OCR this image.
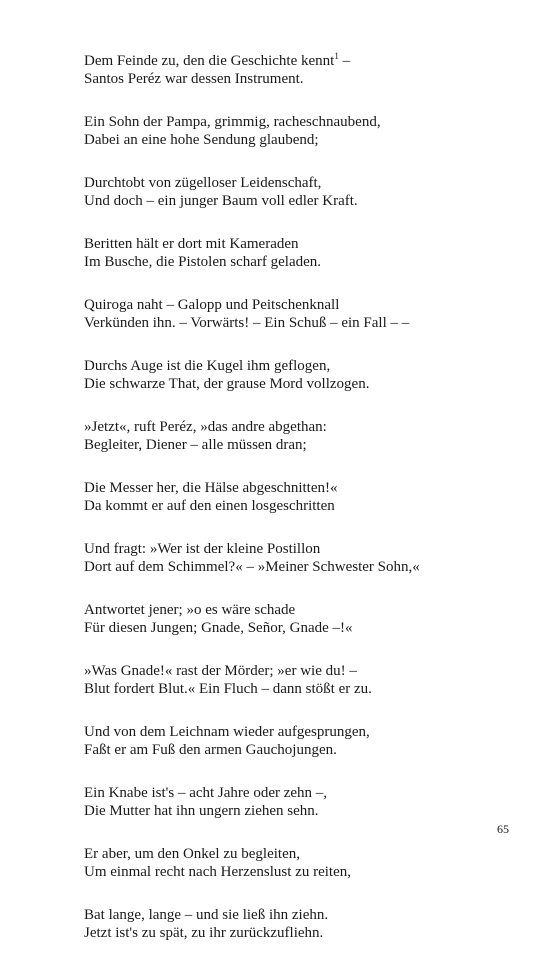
Dem Feinde zu, den die Geschichte kennt$^1$ –
Santos Peréz war dessen Instrument.
Ein Sohn der Pampa, grimmig, racheschnaubend,
Dabei an eine hohe Sendung glaubend;
Durchtobt von zügelloser Leidenschaft,
Und doch – ein junger Baum voll edler Kraft.
Beritten hält er dort mit Kameraden
Im Busche, die Pistolen scharf geladen.
Quiroga naht – Galopp und Peitschenknall
Verkünden ihn. – Vorwärts! – Ein Schuß – ein Fall – –
Durchs Auge ist die Kugel ihm geflogen,
Die schwarze That, der grause Mord vollzogen.
»Jetzt«, ruft Peréz, »das andre abgethan:
Begleiter, Diener – alle müssen dran;
Die Messer her, die Hälse abgeschnitten!«
Da kommt er auf den einen losgeschritten
Und fragt: »Wer ist der kleine Postillon
Dort auf dem Schimmel?« – »Meiner Schwester Sohn,«
Antwortet jener; »o es wäre schade
Für diesen Jungen; Gnade, Señor, Gnade –!«
»Was Gnade!« rast der Mörder; »er wie du! –
Blut fordert Blut.« Ein Fluch – dann stößt er zu.
Und von dem Leichnam wieder aufgesprungen,
Faßt er am Fuß den armen Gauchojungen.
Ein Knabe ist's – acht Jahre oder zehn –,
Die Mutter hat ihn ungern ziehen sehn.
Er aber, um den Onkel zu begleiten,
Um einmal recht nach Herzenslust zu reiten,
Bat lange, lange – und sie ließ ihn ziehn.
Jetzt ist's zu spät, zu ihr zurückzufliehn.
65
